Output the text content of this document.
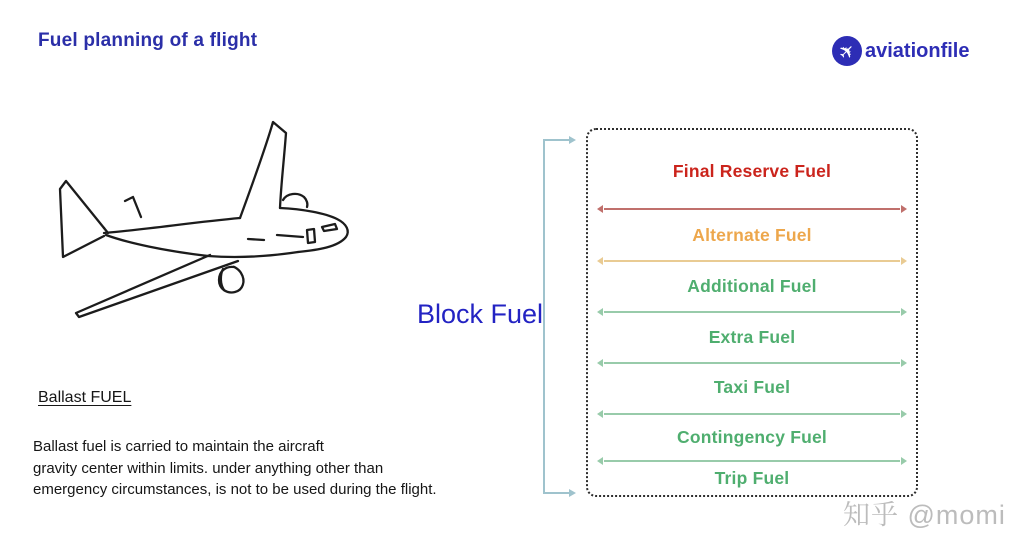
Fuel planning of a flight	✈ aviationfile
Block Fuel
Final Reserve Fuel
Alternate Fuel
Additional Fuel
Extra Fuel
Taxi Fuel
Contingency Fuel
Trip Fuel
Ballast FUEL
Ballast fuel is carried to maintain the aircraft
gravity center within limits. under anything other than
emergency circumstances, is not to be used during the flight.
知乎 @momi
